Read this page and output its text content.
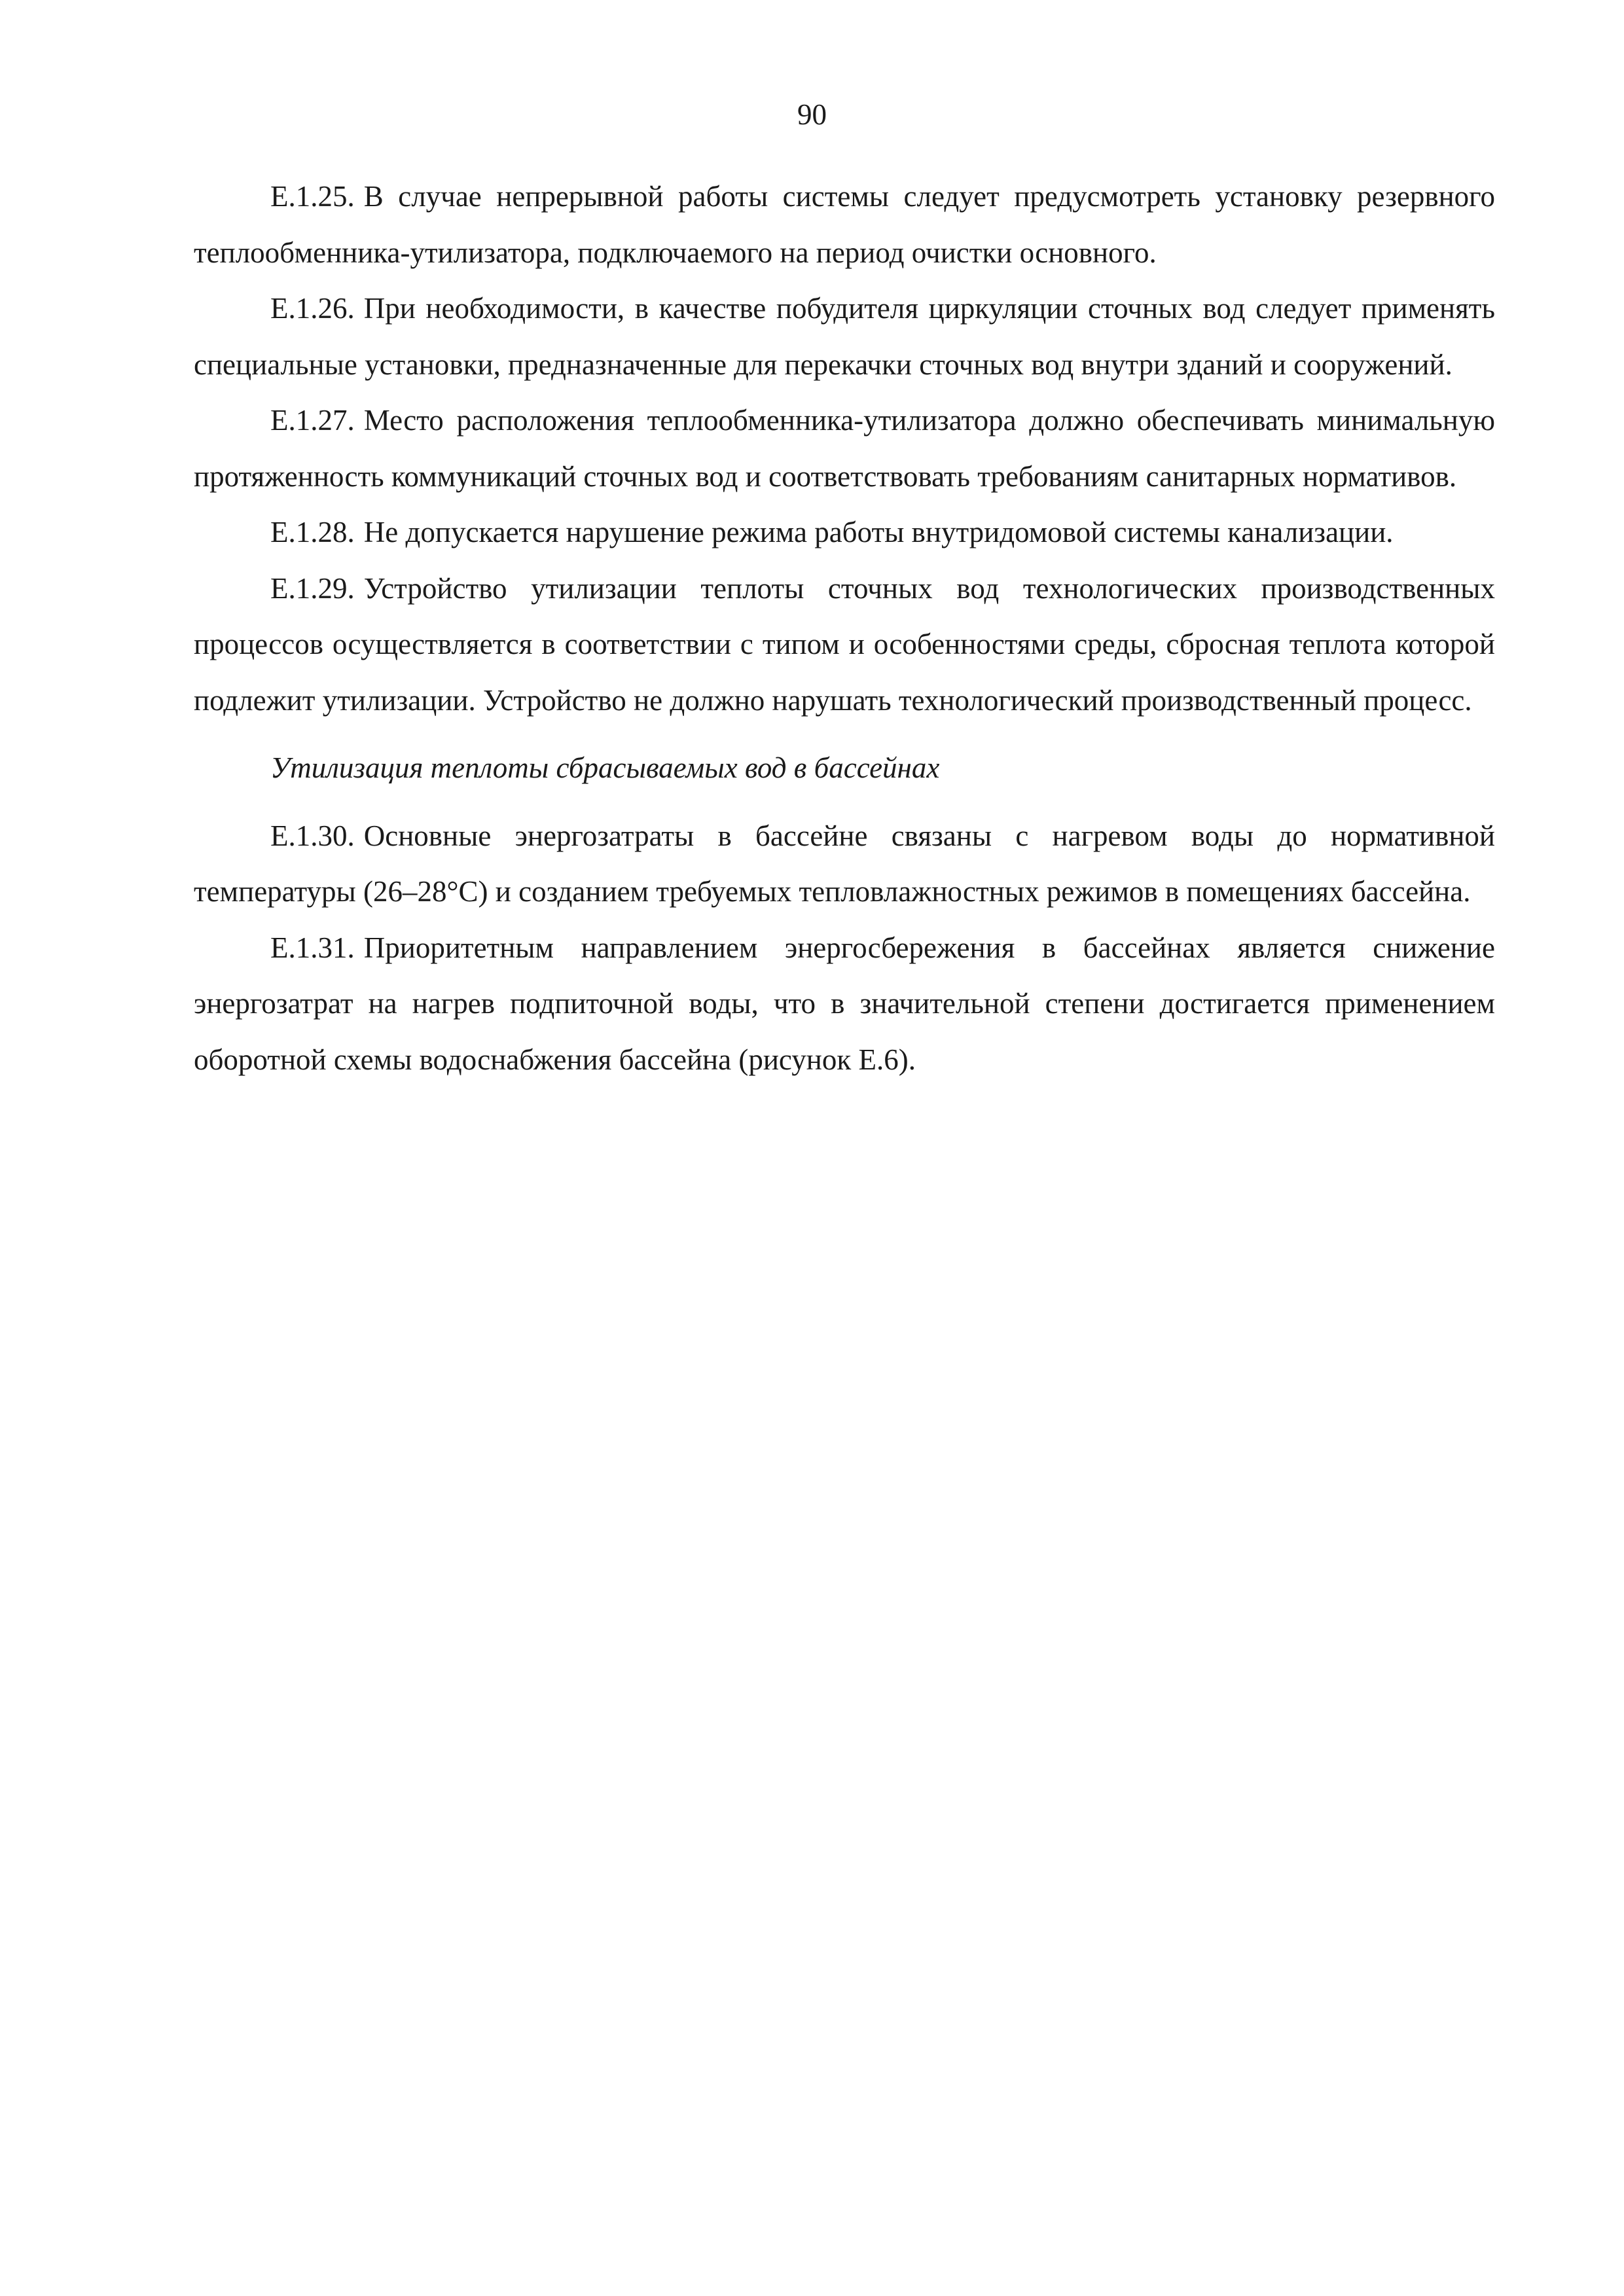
90

Е.1.25. В случае непрерывной работы системы следует предусмотреть установку резервного теплообменника-утилизатора, подключаемого на период очистки основного.

Е.1.26. При необходимости, в качестве побудителя циркуляции сточных вод следует применять специальные установки, предназначенные для перекачки сточных вод внутри зданий и сооружений.

Е.1.27. Место расположения теплообменника-утилизатора должно обеспечивать минимальную протяженность коммуникаций сточных вод и соответствовать требованиям санитарных нормативов.

Е.1.28. Не допускается нарушение режима работы внутридомовой системы канализации.

Е.1.29. Устройство утилизации теплоты сточных вод технологических производственных процессов осуществляется в соответствии с типом и особенностями среды, сбросная теплота которой подлежит утилизации. Устройство не должно нарушать технологический производственный процесс.

Утилизация теплоты сбрасываемых вод в бассейнах

Е.1.30. Основные энергозатраты в бассейне связаны с нагревом воды до нормативной температуры (26–28°С) и созданием требуемых тепловлажностных режимов в помещениях бассейна.

Е.1.31. Приоритетным направлением энергосбережения в бассейнах является снижение энергозатрат на нагрев подпиточной воды, что в значительной степени достигается применением оборотной схемы водоснабжения бассейна (рисунок Е.6).
